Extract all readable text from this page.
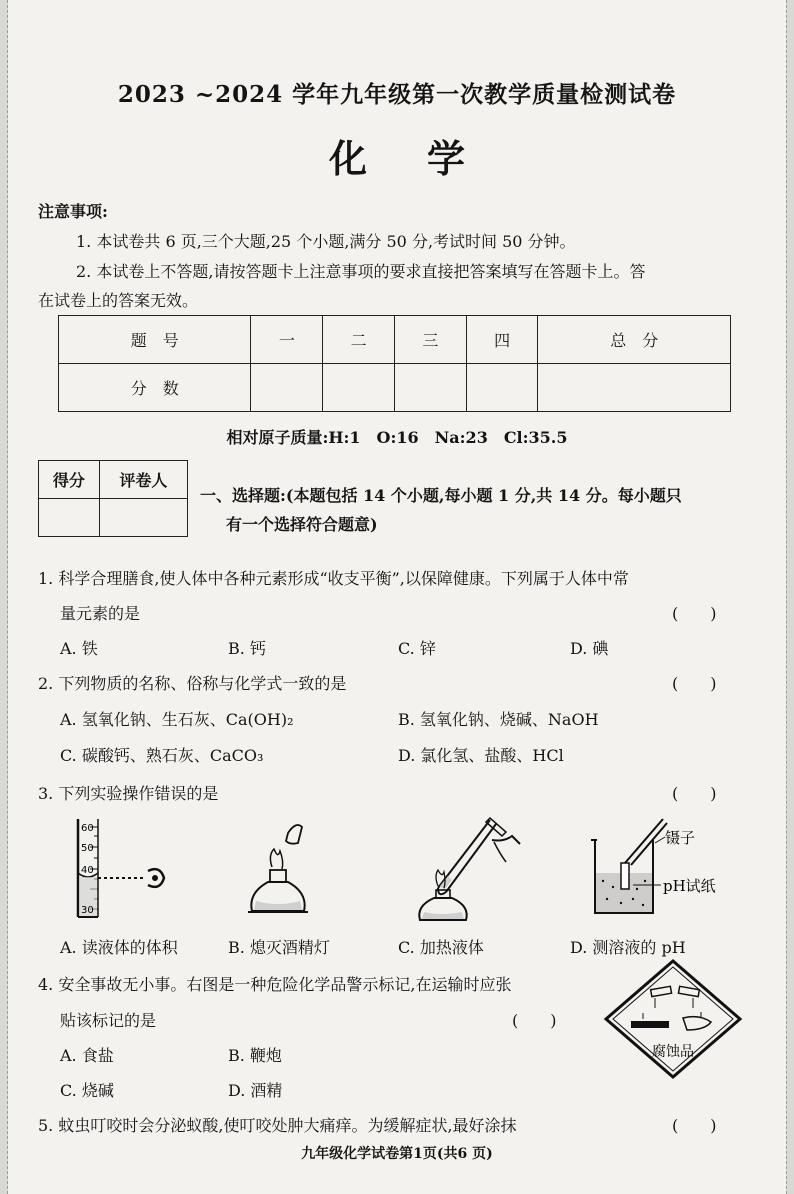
2023 ~2024 学年九年级第一次教学质量检测试卷
化学
注意事项:
1. 本试卷共 6 页,三个大题,25 个小题,满分 50 分,考试时间 50 分钟。
2. 本试卷上不答题,请按答题卡上注意事项的要求直接把答案填写在答题卡上。答
在试卷上的答案无效。
题　号	一	二	三	四	总　分
分　数					
相对原子质量:H:1　O:16　Na:23　Cl:35.5
得分	评卷人

一、选择题:(本题包括 14 个小题,每小题 1 分,共 14 分。每小题只
有一个选择符合题意)
1. 科学合理膳食,使人体中各种元素形成“收支平衡”,以保障健康。下列属于人体中常
量元素的是	(　　)
A. 铁	B. 钙	C. 锌	D. 碘
2. 下列物质的名称、俗称与化学式一致的是	(　　)
A. 氢氧化钠、生石灰、Ca(OH)₂	B. 氢氧化钠、烧碱、NaOH
C. 碳酸钙、熟石灰、CaCO₃	D. 氯化氢、盐酸、HCl
3. 下列实验操作错误的是	(　　)
60
50
40
30
镊子
pH试纸
A. 读液体的体积	B. 熄灭酒精灯	C. 加热液体	D. 测溶液的 pH
4. 安全事故无小事。右图是一种危险化学品警示标记,在运输时应张
贴该标记的是	(　　)
A. 食盐	B. 鞭炮
C. 烧碱	D. 酒精
腐蚀品
5. 蚊虫叮咬时会分泌蚁酸,使叮咬处肿大痛痒。为缓解症状,最好涂抹	(　　)
九年级化学试卷第1页(共6 页)
